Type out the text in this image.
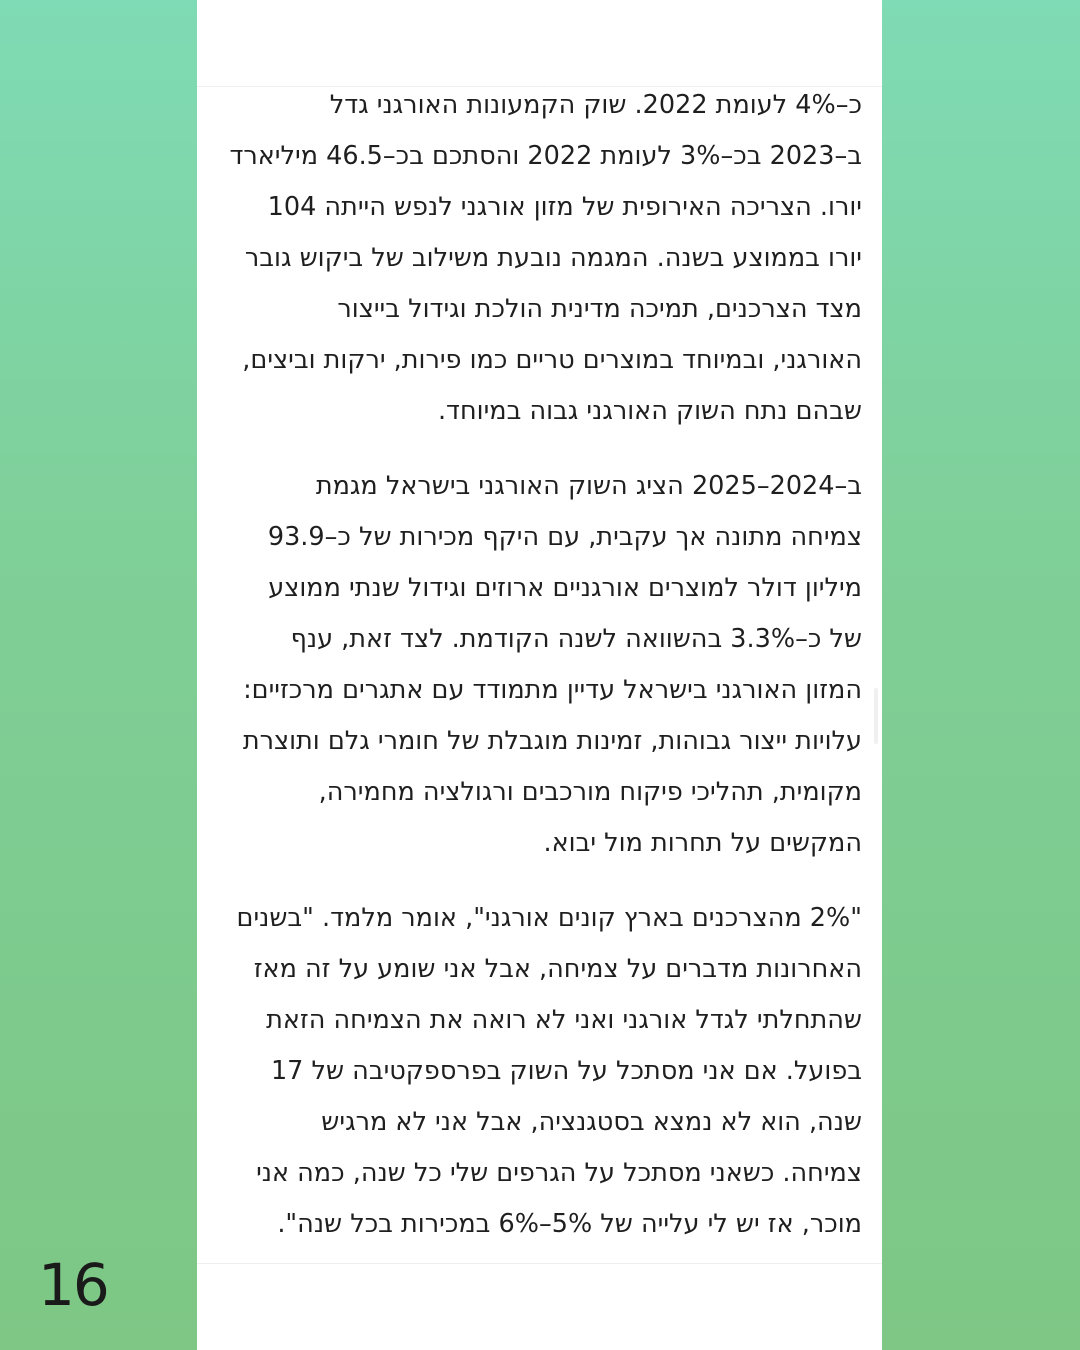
כ–4% לעומת 2022. שוק הקמעונות האורגני גדל
ב–2023 בכ–3% לעומת 2022 והסתכם בכ–46.5 מיליארד
יורו. הצריכה האירופית של מזון אורגני לנפש הייתה 104
יורו בממוצע בשנה. המגמה נובעת משילוב של ביקוש גובר
מצד הצרכנים, תמיכה מדינית הולכת וגידול בייצור
האורגני, ובמיוחד במוצרים טריים כמו פירות, ירקות וביצים,
שבהם נתח השוק האורגני גבוה במיוחד.

ב–2024–2025 הציג השוק האורגני בישראל מגמת
צמיחה מתונה אך עקבית, עם היקף מכירות של כ–93.9
מיליון דולר למוצרים אורגניים ארוזים וגידול שנתי ממוצע
של כ–3.3% בהשוואה לשנה הקודמת. לצד זאת, ענף
המזון האורגני בישראל עדיין מתמודד עם אתגרים מרכזיים:
עלויות ייצור גבוהות, זמינות מוגבלת של חומרי גלם ותוצרת
מקומית, תהליכי פיקוח מורכבים ורגולציה מחמירה,
המקשים על תחרות מול יבוא.

"2% מהצרכנים בארץ קונים אורגני", אומר מלמד. "בשנים
האחרונות מדברים על צמיחה, אבל אני שומע על זה מאז
שהתחלתי לגדל אורגני ואני לא רואה את הצמיחה הזאת
בפועל. אם אני מסתכל על השוק בפרספקטיבה של 17
שנה, הוא לא נמצא בסטגנציה, אבל אני לא מרגיש
צמיחה. כשאני מסתכל על הגרפים שלי כל שנה, כמה אני
מוכר, אז יש לי עלייה של 5%–6% במכירות בכל שנה".

16
